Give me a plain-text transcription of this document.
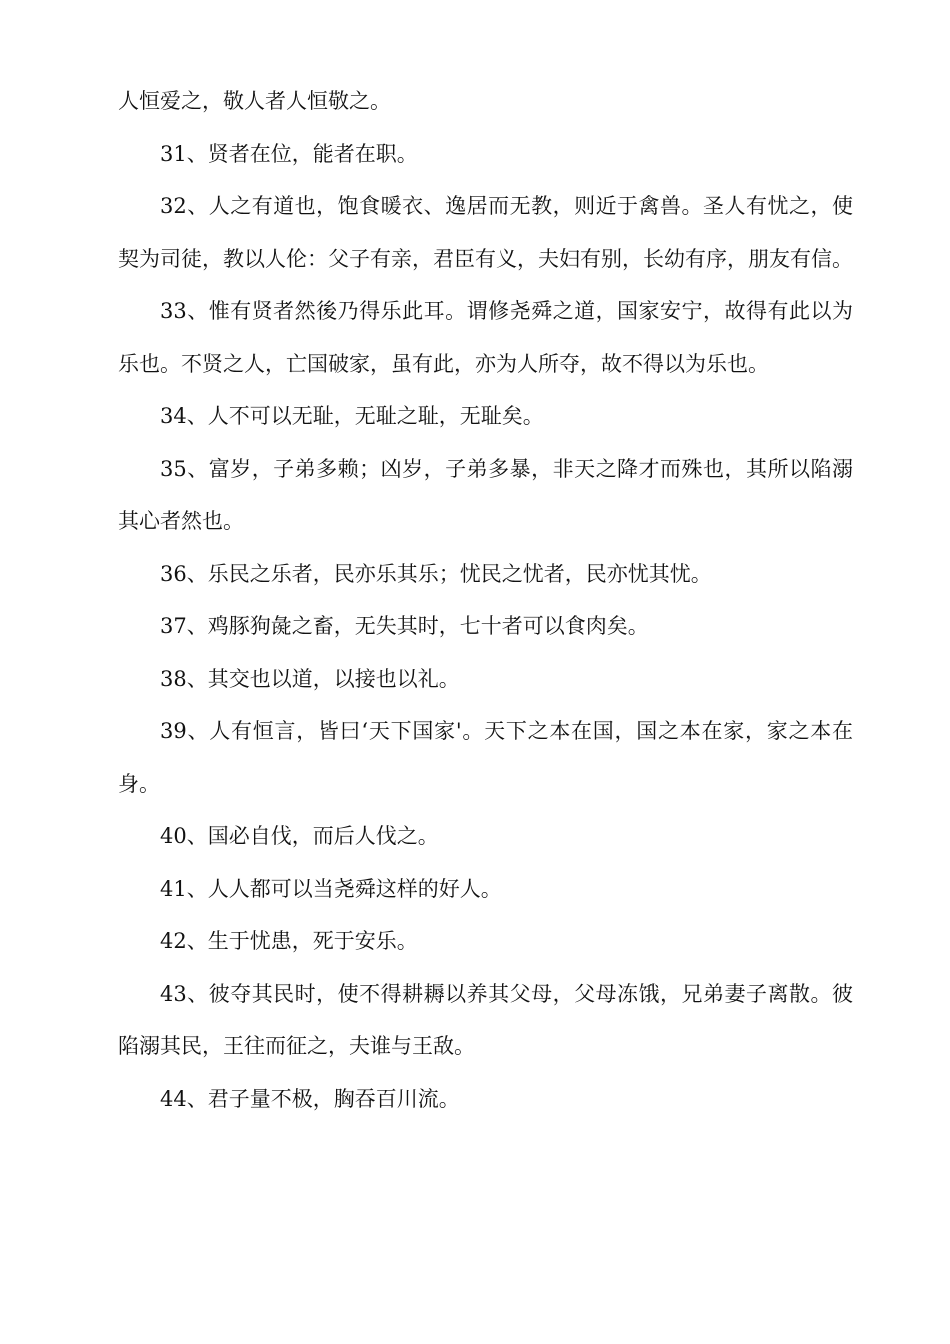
人恒爱之，敬人者人恒敬之。

31、贤者在位，能者在职。

32、人之有道也，饱食暖衣、逸居而无教，则近于禽兽。圣人有忧之，使契为司徒，教以人伦：父子有亲，君臣有义，夫妇有别，长幼有序，朋友有信。

33、惟有贤者然後乃得乐此耳。谓修尧舜之道，国家安宁，故得有此以为乐也。不贤之人，亡国破家，虽有此，亦为人所夺，故不得以为乐也。

34、人不可以无耻，无耻之耻，无耻矣。

35、富岁，子弟多赖；凶岁，子弟多暴，非天之降才而殊也，其所以陷溺其心者然也。

36、乐民之乐者，民亦乐其乐；忧民之忧者，民亦忧其忧。

37、鸡豚狗彘之畜，无失其时，七十者可以食肉矣。

38、其交也以道，以接也以礼。

39、人有恒言，皆曰‘天下国家'。天下之本在国，国之本在家，家之本在身。

40、国必自伐，而后人伐之。

41、人人都可以当尧舜这样的好人。

42、生于忧患，死于安乐。

43、彼夺其民时，使不得耕耨以养其父母，父母冻饿，兄弟妻子离散。彼陷溺其民，王往而征之，夫谁与王敌。

44、君子量不极，胸吞百川流。
